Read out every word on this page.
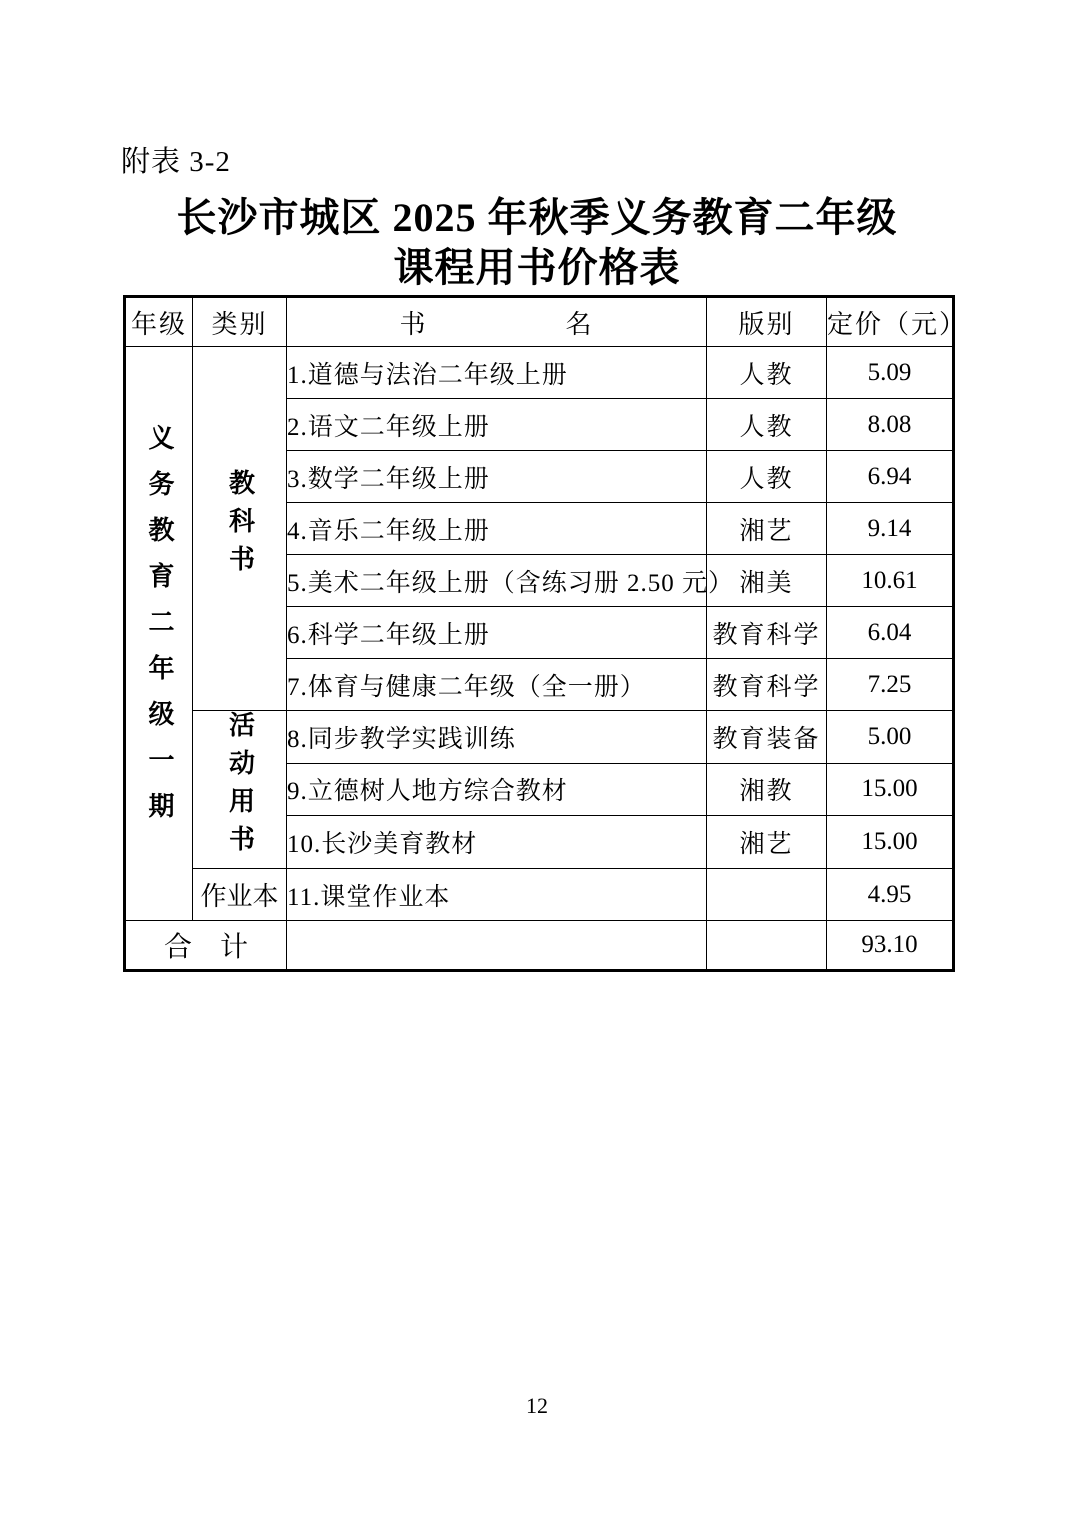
附表 3-2
长沙市城区 2025 年秋季义务教育二年级
课程用书价格表
年级	类别	书 名	版别	定价（元）
义务教育二年级一期	教科书	1.道德与法治二年级上册	人教	5.09
		2.语文二年级上册	人教	8.08
		3.数学二年级上册	人教	6.94
		4.音乐二年级上册	湘艺	9.14
		5.美术二年级上册（含练习册 2.50 元）	湘美	10.61
		6.科学二年级上册	教育科学	6.04
		7.体育与健康二年级（全一册）	教育科学	7.25
	活动用书	8.同步教学实践训练	教育装备	5.00
		9.立德树人地方综合教材	湘教	15.00
		10.长沙美育教材	湘艺	15.00
	作业本	11.课堂作业本		4.95
合　计				93.10
12
